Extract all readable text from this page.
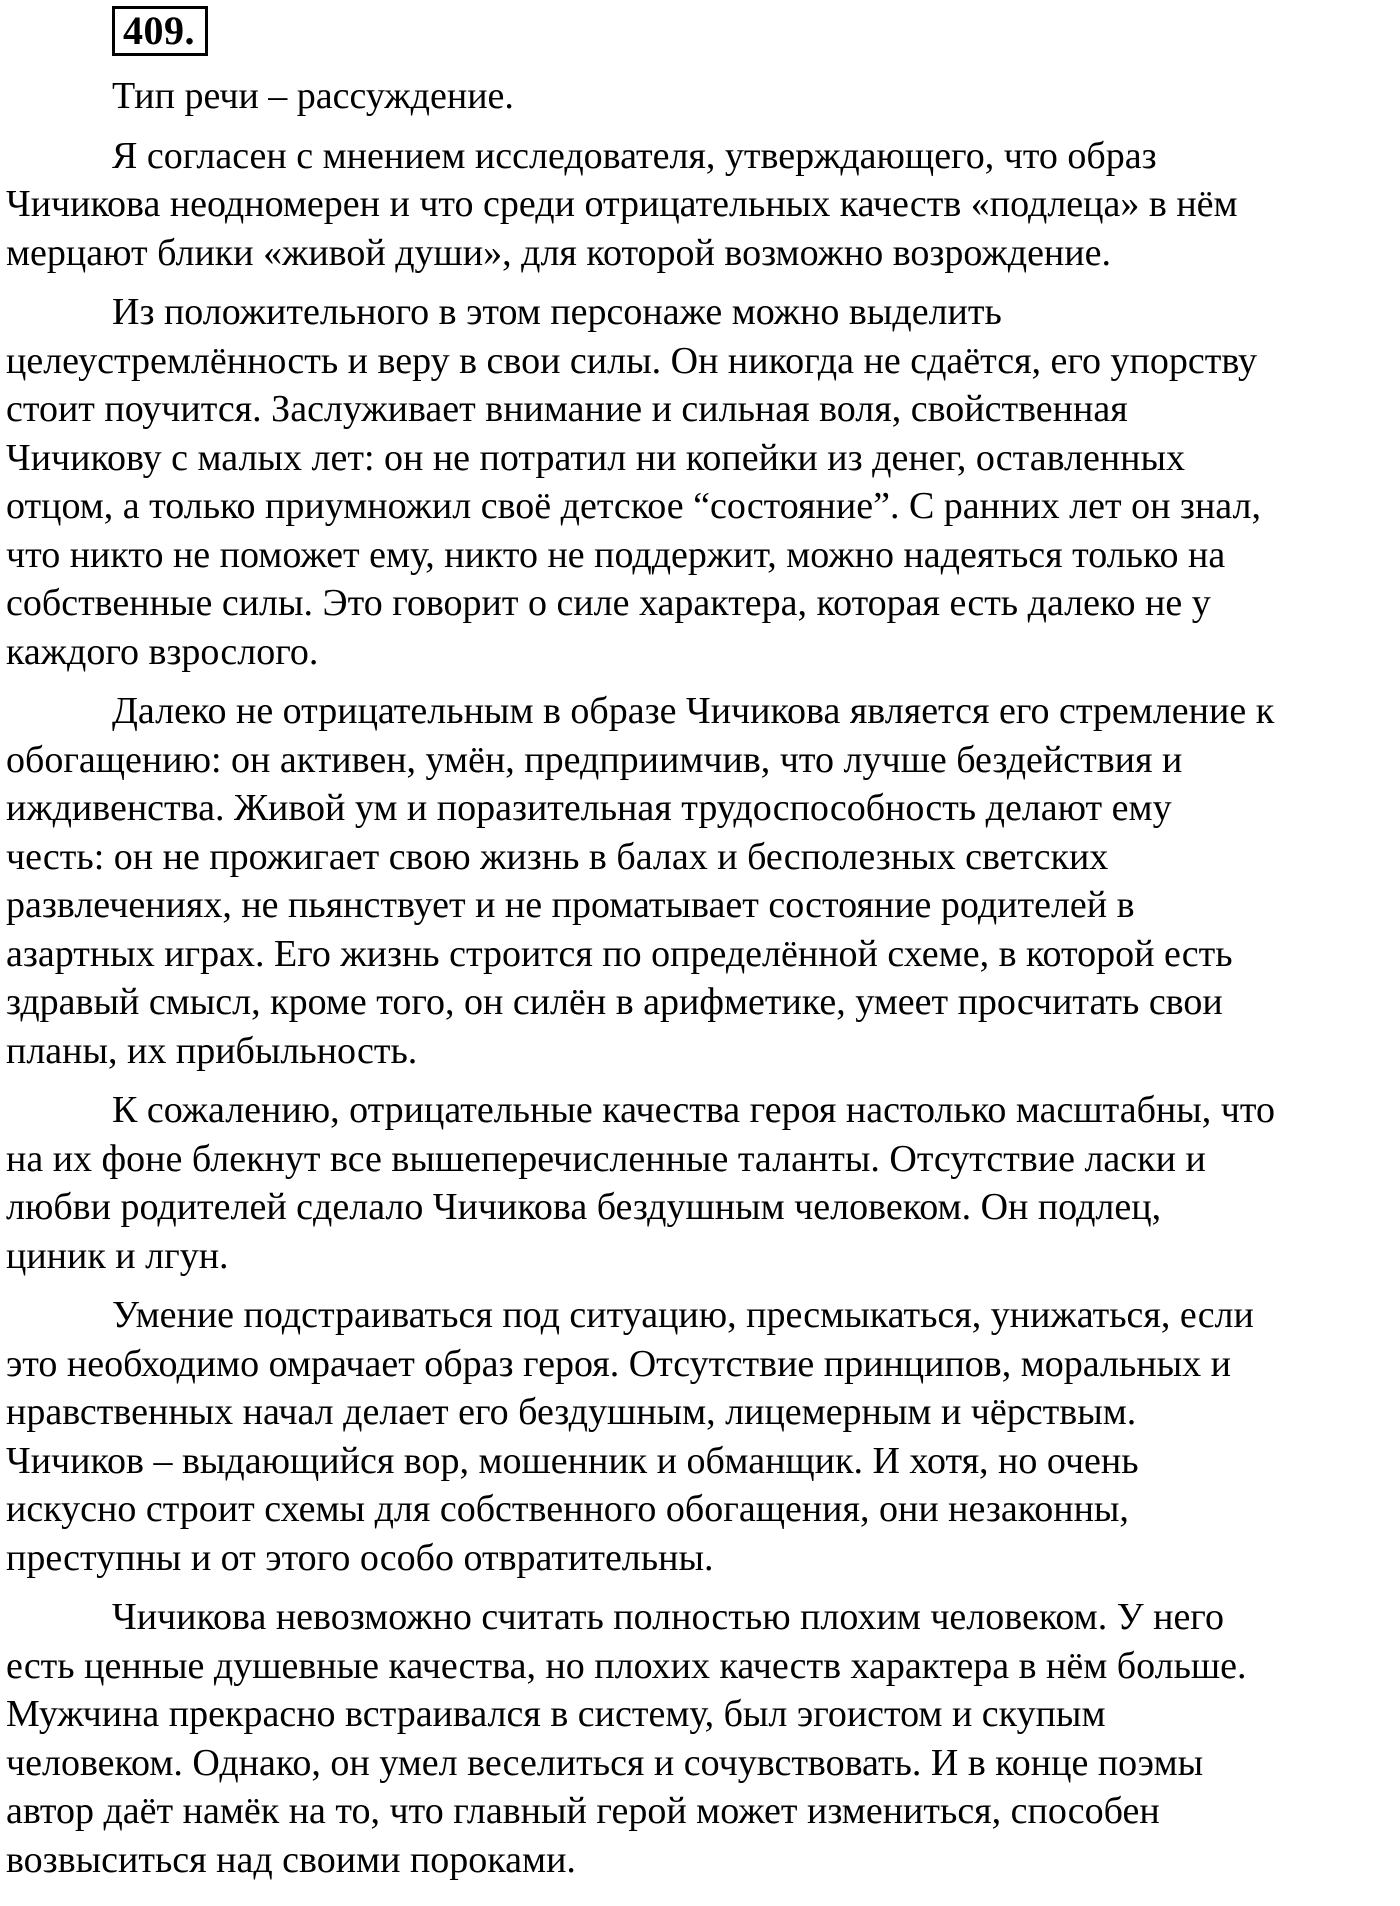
409.

Тип речи – рассуждение.

Я согласен с мнением исследователя, утверждающего, что образ
Чичикова неодномерен и что среди отрицательных качеств «подлеца» в нём
мерцают блики «живой души», для которой возможно возрождение.

Из положительного в этом персонаже можно выделить
целеустремлённость и веру в свои силы. Он никогда не сдаётся, его упорству
стоит поучится. Заслуживает внимание и сильная воля, свойственная
Чичикову с малых лет: он не потратил ни копейки из денег, оставленных
отцом, а только приумножил своё детское “состояние”. С ранних лет он знал,
что никто не поможет ему, никто не поддержит, можно надеяться только на
собственные силы. Это говорит о силе характера, которая есть далеко не у
каждого взрослого.

Далеко не отрицательным в образе Чичикова является его стремление к
обогащению: он активен, умён, предприимчив, что лучше бездействия и
иждивенства. Живой ум и поразительная трудоспособность делают ему
честь: он не прожигает свою жизнь в балах и бесполезных светских
развлечениях, не пьянствует и не проматывает состояние родителей в
азартных играх. Его жизнь строится по определённой схеме, в которой есть
здравый смысл, кроме того, он силён в арифметике, умеет просчитать свои
планы, их прибыльность.

К сожалению, отрицательные качества героя настолько масштабны, что
на их фоне блекнут все вышеперечисленные таланты. Отсутствие ласки и
любви родителей сделало Чичикова бездушным человеком. Он подлец,
циник и лгун.

Умение подстраиваться под ситуацию, пресмыкаться, унижаться, если
это необходимо омрачает образ героя. Отсутствие принципов, моральных и
нравственных начал делает его бездушным, лицемерным и чёрствым.
Чичиков – выдающийся вор, мошенник и обманщик. И хотя, но очень
искусно строит схемы для собственного обогащения, они незаконны,
преступны и от этого особо отвратительны.

Чичикова невозможно считать полностью плохим человеком. У него
есть ценные душевные качества, но плохих качеств характера в нём больше.
Мужчина прекрасно встраивался в систему, был эгоистом и скупым
человеком. Однако, он умел веселиться и сочувствовать. И в конце поэмы
автор даёт намёк на то, что главный герой может измениться, способен
возвыситься над своими пороками.
